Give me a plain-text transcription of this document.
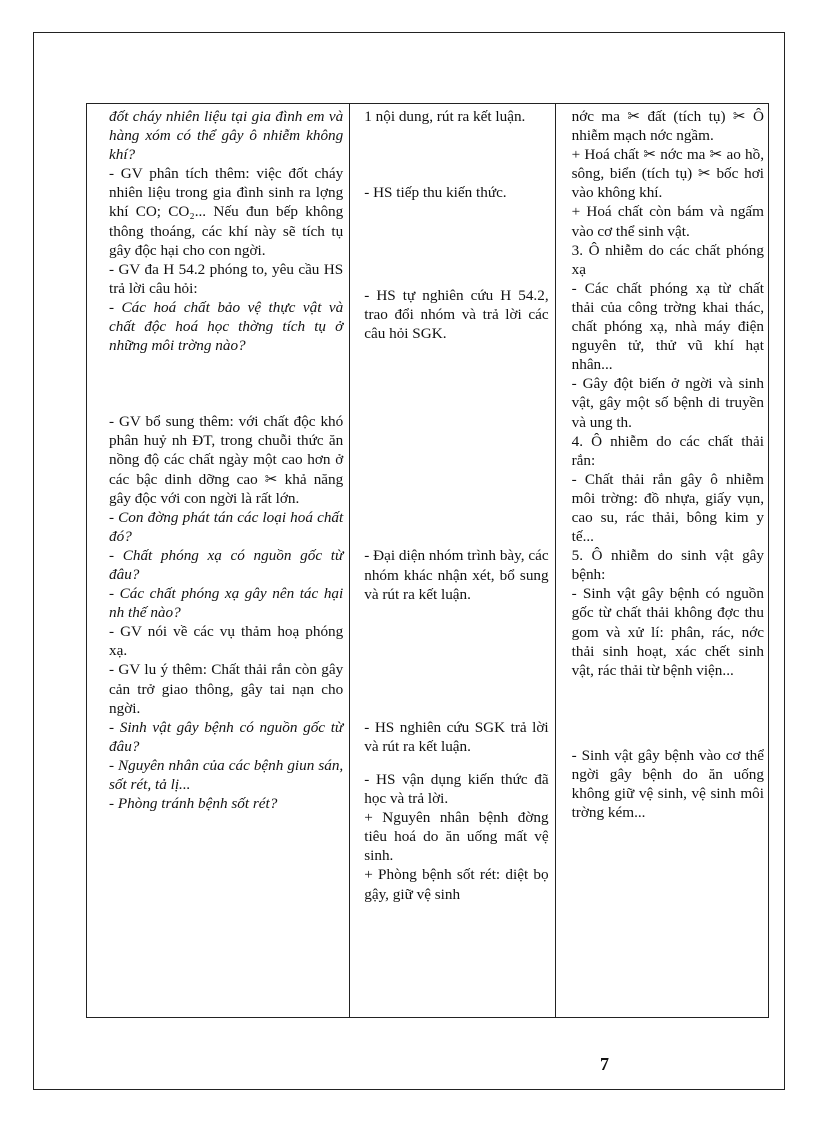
đốt cháy nhiên liệu tại gia đình em và hàng xóm có thể gây ô nhiễm không khí?

- GV phân tích thêm: việc đốt cháy nhiên liệu trong gia đình sinh ra lợng khí CO; CO₂... Nếu đun bếp không thông thoáng, các khí này sẽ tích tụ gây độc hại cho con ngời.

- GV đa H 54.2 phóng to, yêu cầu HS trả lời câu hỏi:

- Các hoá chất bảo vệ thực vật và chất độc hoá học thờng tích tụ ở những môi trờng nào?

- GV bổ sung thêm: với chất độc khó phân huỷ nh ĐT, trong chuỗi thức ăn nồng độ các chất ngày một cao hơn ở các bậc dinh dỡng cao ✂ khả năng gây độc với con ngời là rất lớn.

- Con đờng phát tán các loại hoá chất đó?

- Chất phóng xạ có nguồn gốc từ đâu?

- Các chất phóng xạ gây nên tác hại nh thế nào?

- GV nói về các vụ thảm hoạ phóng xạ.

- GV lu ý thêm: Chất thải rắn còn gây cản trở giao thông, gây tai nạn cho ngời.

- Sinh vật gây bệnh có nguồn gốc từ đâu?

- Nguyên nhân của các bệnh giun sán, sốt rét, tả lị...

- Phòng tránh bệnh sốt rét?

1 nội dung, rút ra kết luận.

- HS tiếp thu kiến thức.

- HS tự nghiên cứu H 54.2, trao đổi nhóm và trả lời các câu hỏi SGK.

- Đại diện nhóm trình bày, các nhóm khác nhận xét, bổ sung và rút ra kết luận.

- HS nghiên cứu SGK trả lời và rút ra kết luận.

- HS vận dụng kiến thức đã học và trả lời.

+ Nguyên nhân bệnh đờng tiêu hoá do ăn uống mất vệ sinh.

+ Phòng bệnh sốt rét: diệt bọ gậy, giữ vệ sinh

nớc ma ✂ đất (tích tụ) ✂ Ô nhiễm mạch nớc ngầm.

+ Hoá chất ✂ nớc ma ✂ ao hồ, sông, biển (tích tụ) ✂ bốc hơi vào không khí.

+ Hoá chất còn bám và ngấm vào cơ thể sinh vật.

3. Ô nhiễm do các chất phóng xạ

- Các chất phóng xạ từ chất thải của công trờng khai thác, chất phóng xạ, nhà máy điện nguyên tử, thử vũ khí hạt nhân...

- Gây đột biến ở ngời và sinh vật, gây một số bệnh di truyền và ung th.

4. Ô nhiễm do các chất thải rắn:

- Chất thải rắn gây ô nhiễm môi trờng: đồ nhựa, giấy vụn, cao su, rác thải, bông kim y tế...

5. Ô nhiễm do sinh vật gây bệnh:

- Sinh vật gây bệnh có nguồn gốc từ chất thải không đợc thu gom và xử lí: phân, rác, nớc thải sinh hoạt, xác chết sinh vật, rác thải từ bệnh viện...

- Sinh vật gây bệnh vào cơ thể ngời gây bệnh do ăn uống không giữ vệ sinh, vệ sinh môi trờng kém...

7
